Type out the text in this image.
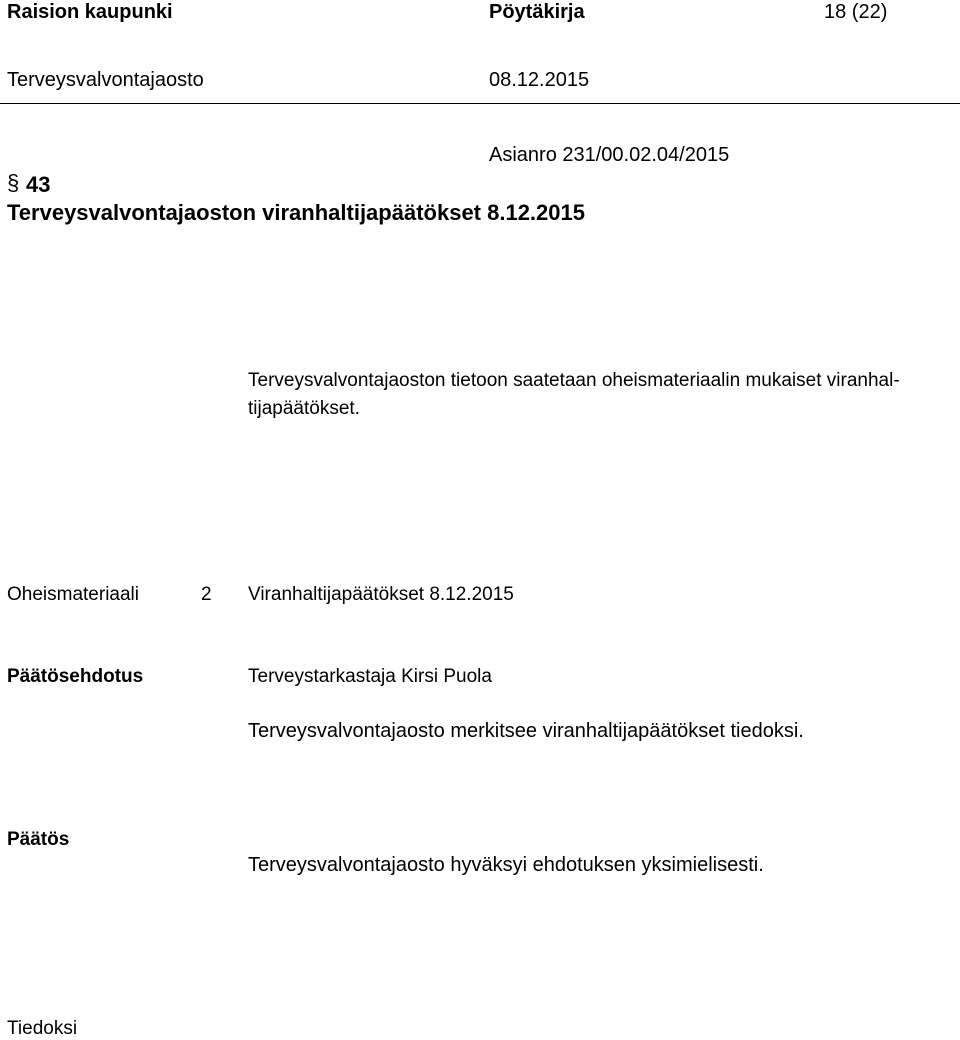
Raision kaupunki	Pöytäkirja	18 (22)
Terveysvalvontajaosto	08.12.2015
Asianro 231/00.02.04/2015
§ 43
Terveysvalvontajaoston viranhaltijapäätökset 8.12.2015
Terveysvalvontajaoston tietoon saatetaan oheismateriaalin mukaiset viranhal-
tijapäätökset.
Oheismateriaali	2 Viranhaltijapäätökset 8.12.2015
Päätösehdotus	Terveystarkastaja Kirsi Puola
Terveysvalvontajaosto merkitsee viranhaltijapäätökset tiedoksi.
Päätös
Terveysvalvontajaosto hyväksyi ehdotuksen yksimielisesti.
Tiedoksi
